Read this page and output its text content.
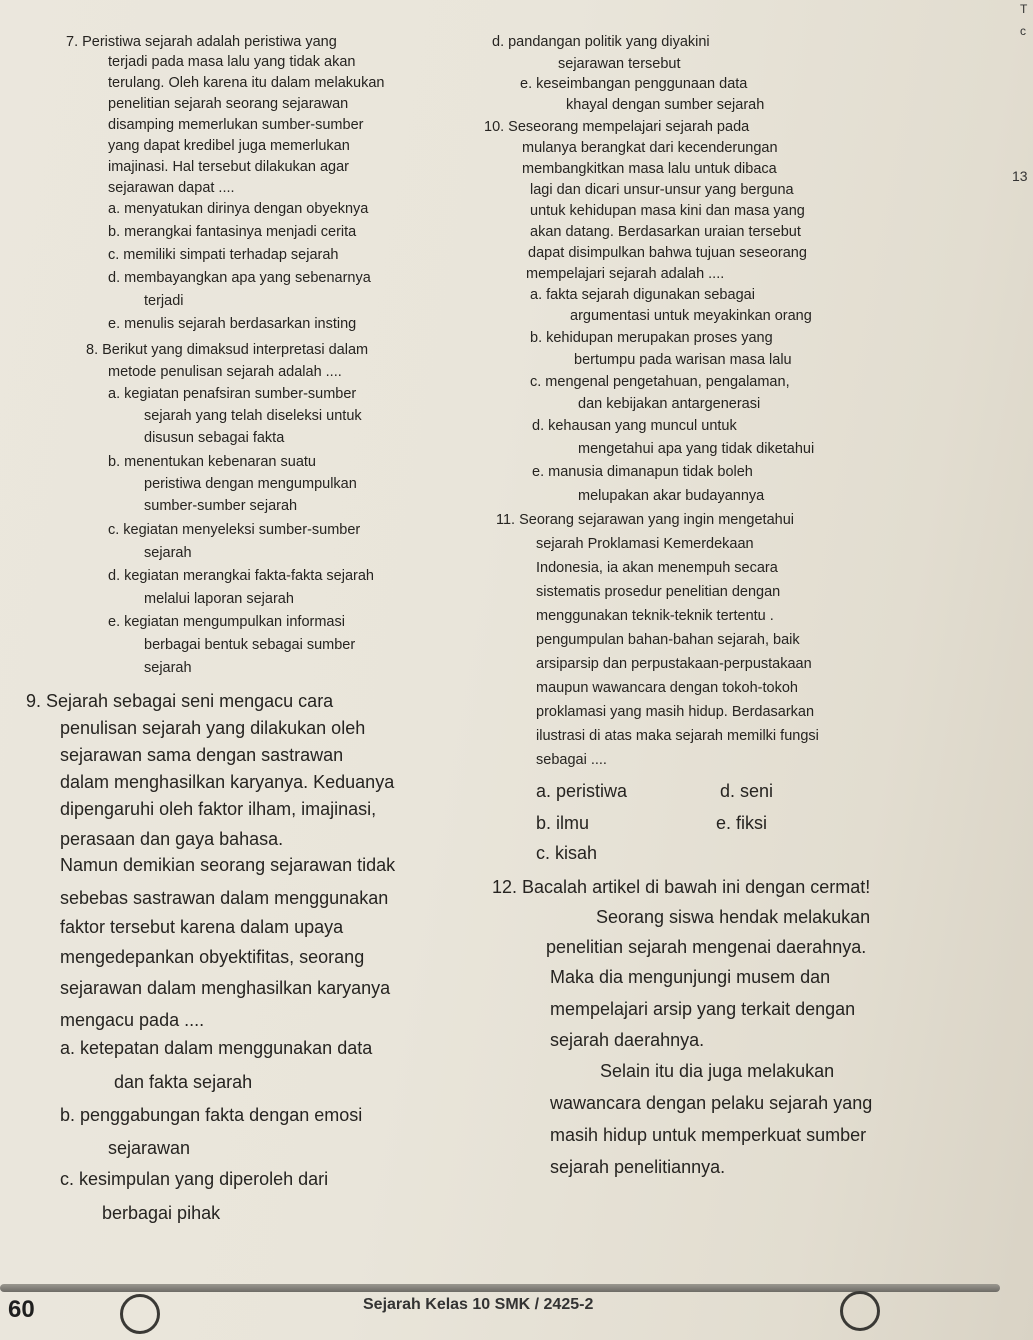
T
c
13
7. Peristiwa sejarah adalah peristiwa yang
terjadi pada masa lalu yang tidak akan
terulang. Oleh karena itu dalam melakukan
penelitian sejarah seorang sejarawan
disamping memerlukan sumber-sumber
yang dapat kredibel juga memerlukan
imajinasi. Hal tersebut dilakukan agar
sejarawan dapat ....
a. menyatukan dirinya dengan obyeknya
b. merangkai fantasinya menjadi cerita
c. memiliki simpati terhadap sejarah
d. membayangkan apa yang sebenarnya
terjadi
e. menulis sejarah berdasarkan insting
8. Berikut yang dimaksud interpretasi dalam
metode penulisan sejarah adalah ....
a. kegiatan penafsiran sumber-sumber
sejarah yang telah diseleksi untuk
disusun sebagai fakta
b. menentukan kebenaran suatu
peristiwa dengan mengumpulkan
sumber-sumber sejarah
c. kegiatan menyeleksi sumber-sumber
sejarah
d. kegiatan merangkai fakta-fakta sejarah
melalui laporan sejarah
e. kegiatan mengumpulkan informasi
berbagai bentuk sebagai sumber
sejarah
9. Sejarah sebagai seni mengacu cara
penulisan sejarah yang dilakukan oleh
sejarawan sama dengan sastrawan
dalam menghasilkan karyanya. Keduanya
dipengaruhi oleh faktor ilham, imajinasi,
perasaan dan gaya bahasa.
Namun demikian seorang sejarawan tidak
sebebas sastrawan dalam menggunakan
faktor tersebut karena dalam upaya
mengedepankan obyektifitas, seorang
sejarawan dalam menghasilkan karyanya
mengacu pada ....
a. ketepatan dalam menggunakan data
dan fakta sejarah
b. penggabungan fakta dengan emosi
sejarawan
c. kesimpulan yang diperoleh dari
berbagai pihak
d. pandangan politik yang diyakini
sejarawan tersebut
e. keseimbangan penggunaan data
khayal dengan sumber sejarah
10. Seseorang mempelajari sejarah pada
mulanya berangkat dari kecenderungan
membangkitkan masa lalu untuk dibaca
lagi dan dicari unsur-unsur yang berguna
untuk kehidupan masa kini dan masa yang
akan datang. Berdasarkan uraian tersebut
dapat disimpulkan bahwa tujuan seseorang
mempelajari sejarah adalah ....
a. fakta sejarah digunakan sebagai
argumentasi untuk meyakinkan orang
b. kehidupan merupakan proses yang
bertumpu pada warisan masa lalu
c. mengenal pengetahuan, pengalaman,
dan kebijakan antargenerasi
d. kehausan yang muncul untuk
mengetahui apa yang tidak diketahui
e. manusia dimanapun tidak boleh
melupakan akar budayannya
11. Seorang sejarawan yang ingin mengetahui
sejarah Proklamasi Kemerdekaan
Indonesia, ia akan menempuh secara
sistematis prosedur penelitian dengan
menggunakan teknik-teknik tertentu .
pengumpulan bahan-bahan sejarah, baik
arsiparsip dan perpustakaan-perpustakaan
maupun wawancara dengan tokoh-tokoh
proklamasi yang masih hidup. Berdasarkan
ilustrasi di atas maka sejarah memilki fungsi
sebagai ....
a. peristiwa	d. seni
b. ilmu	e. fiksi
c. kisah
12. Bacalah artikel di bawah ini dengan cermat!
Seorang siswa hendak melakukan
penelitian sejarah mengenai daerahnya.
Maka dia mengunjungi musem dan
mempelajari arsip yang terkait dengan
sejarah daerahnya.
Selain itu dia juga melakukan
wawancara dengan pelaku sejarah yang
masih hidup untuk memperkuat sumber
sejarah penelitiannya.
60	Sejarah Kelas 10 SMK / 2425-2
